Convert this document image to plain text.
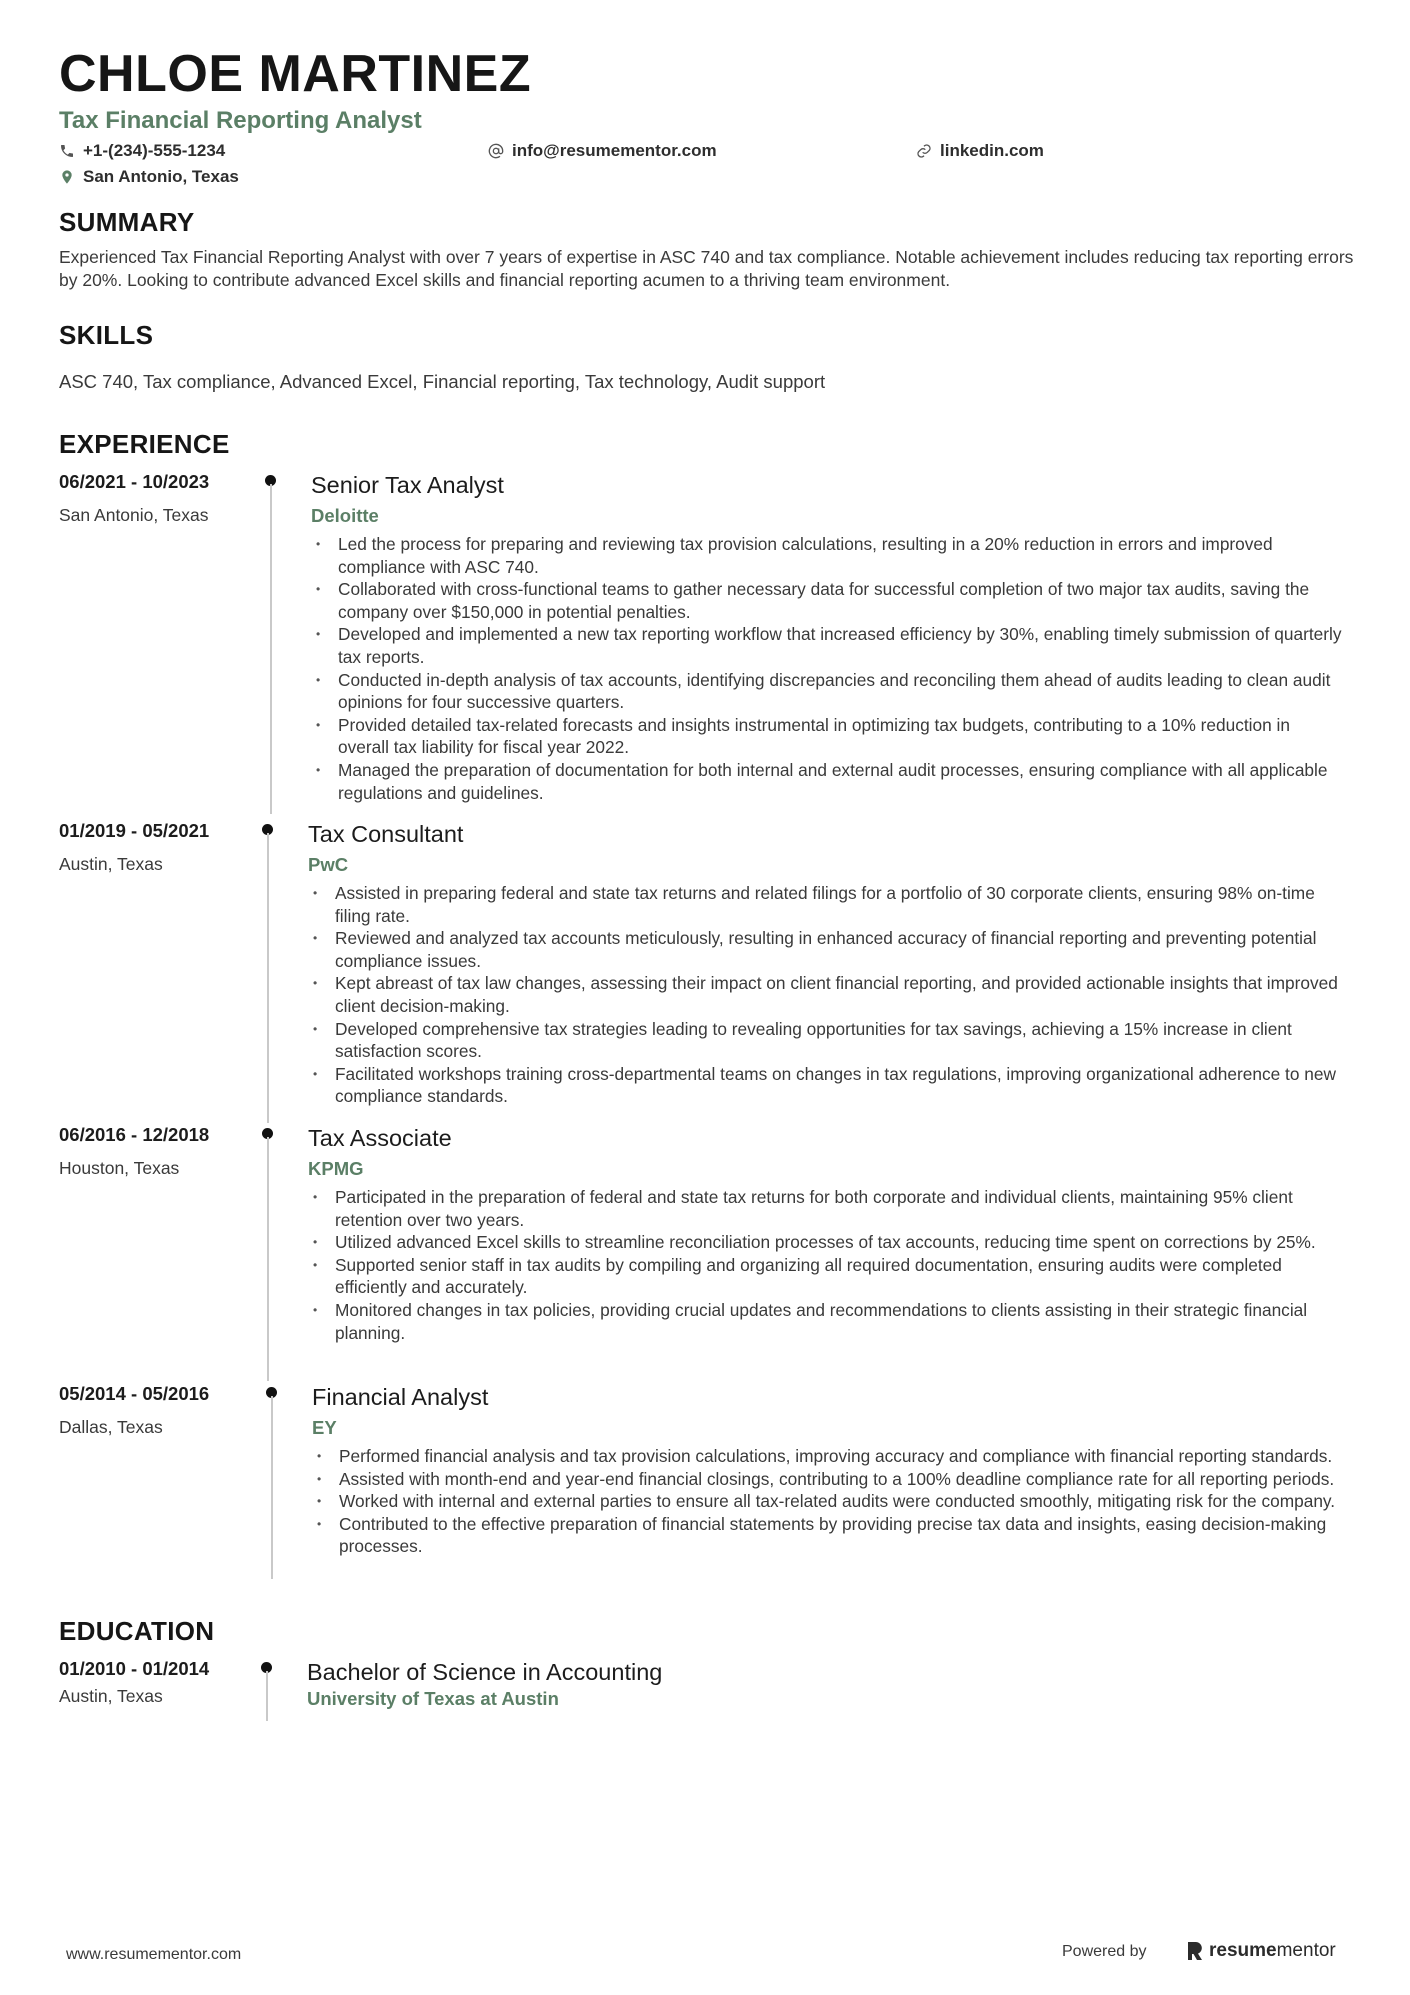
CHLOE MARTINEZ
Tax Financial Reporting Analyst
+1-(234)-555-1234	info@resumementor.com	linkedin.com
San Antonio, Texas
SUMMARY

Experienced Tax Financial Reporting Analyst with over 7 years of expertise in ASC 740 and tax compliance. Notable achievement includes reducing tax reporting errors by 20%. Looking to contribute advanced Excel skills and financial reporting acumen to a thriving team environment.

SKILLS

ASC 740, Tax compliance, Advanced Excel, Financial reporting, Tax technology, Audit support

EXPERIENCE
06/2021 - 10/2023
San Antonio, Texas
Senior Tax Analyst
Deloitte
• Led the process for preparing and reviewing tax provision calculations, resulting in a 20% reduction in errors and improved compliance with ASC 740.
• Collaborated with cross-functional teams to gather necessary data for successful completion of two major tax audits, saving the company over $150,000 in potential penalties.
• Developed and implemented a new tax reporting workflow that increased efficiency by 30%, enabling timely submission of quarterly tax reports.
• Conducted in-depth analysis of tax accounts, identifying discrepancies and reconciling them ahead of audits leading to clean audit opinions for four successive quarters.
• Provided detailed tax-related forecasts and insights instrumental in optimizing tax budgets, contributing to a 10% reduction in overall tax liability for fiscal year 2022.
• Managed the preparation of documentation for both internal and external audit processes, ensuring compliance with all applicable regulations and guidelines.
01/2019 - 05/2021
Austin, Texas
Tax Consultant
PwC
• Assisted in preparing federal and state tax returns and related filings for a portfolio of 30 corporate clients, ensuring 98% on-time filing rate.
• Reviewed and analyzed tax accounts meticulously, resulting in enhanced accuracy of financial reporting and preventing potential compliance issues.
• Kept abreast of tax law changes, assessing their impact on client financial reporting, and provided actionable insights that improved client decision-making.
• Developed comprehensive tax strategies leading to revealing opportunities for tax savings, achieving a 15% increase in client satisfaction scores.
• Facilitated workshops training cross-departmental teams on changes in tax regulations, improving organizational adherence to new compliance standards.
06/2016 - 12/2018
Houston, Texas
Tax Associate
KPMG
• Participated in the preparation of federal and state tax returns for both corporate and individual clients, maintaining 95% client retention over two years.
• Utilized advanced Excel skills to streamline reconciliation processes of tax accounts, reducing time spent on corrections by 25%.
• Supported senior staff in tax audits by compiling and organizing all required documentation, ensuring audits were completed efficiently and accurately.
• Monitored changes in tax policies, providing crucial updates and recommendations to clients assisting in their strategic financial planning.
05/2014 - 05/2016
Dallas, Texas
Financial Analyst
EY
• Performed financial analysis and tax provision calculations, improving accuracy and compliance with financial reporting standards.
• Assisted with month-end and year-end financial closings, contributing to a 100% deadline compliance rate for all reporting periods.
• Worked with internal and external parties to ensure all tax-related audits were conducted smoothly, mitigating risk for the company.
• Contributed to the effective preparation of financial statements by providing precise tax data and insights, easing decision-making processes.
EDUCATION
01/2010 - 01/2014
Austin, Texas
Bachelor of Science in Accounting
University of Texas at Austin
www.resumementor.com	Powered by	resumementor
